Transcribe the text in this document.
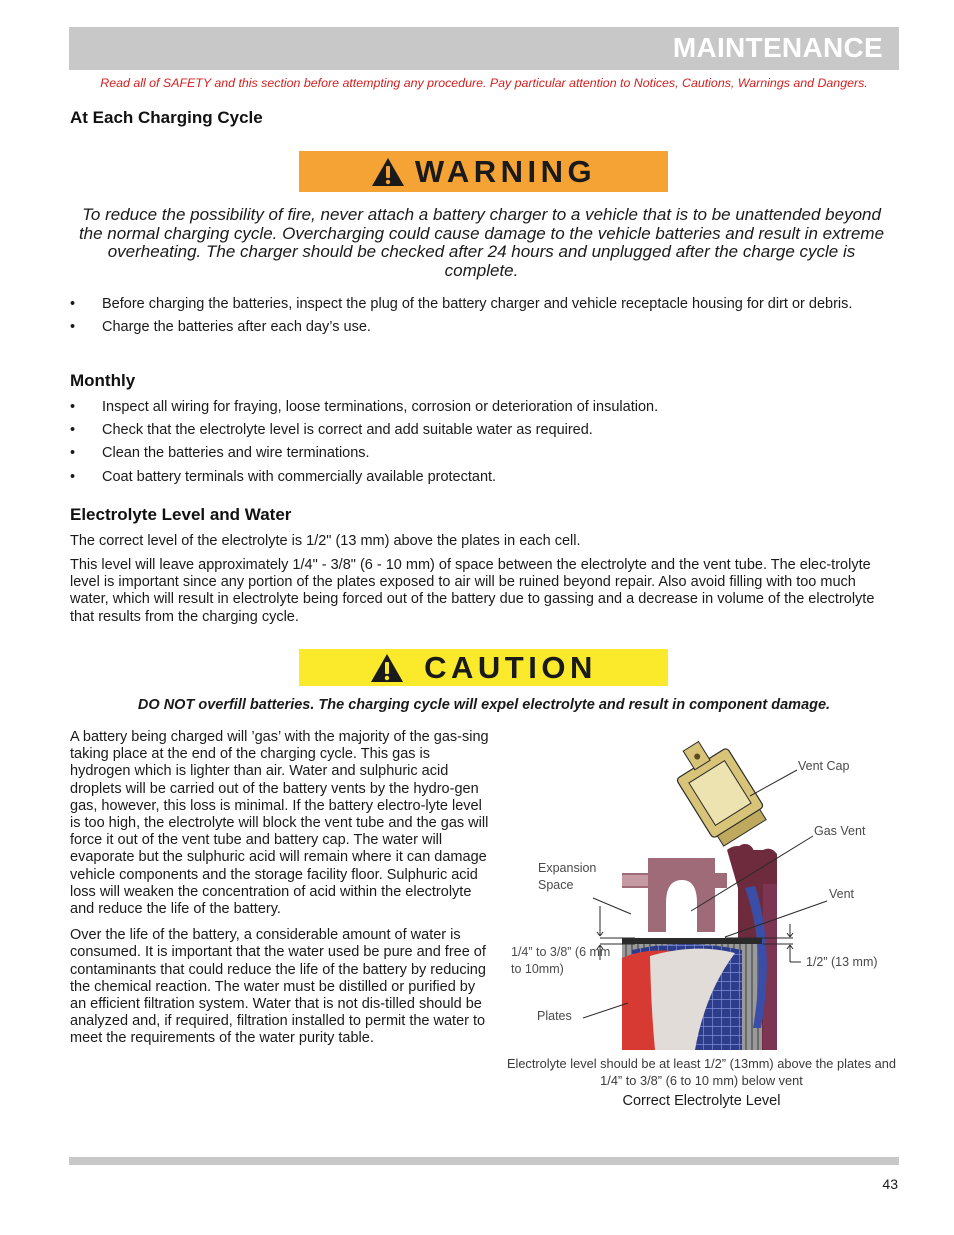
MAINTENANCE
Read all of SAFETY and this section before attempting any procedure. Pay particular attention to Notices, Cautions, Warnings and Dangers.
At Each Charging Cycle
WARNING
To reduce the possibility of fire, never attach a battery charger to a vehicle that is to be unattended beyond the normal charging cycle. Overcharging could cause damage to the vehicle batteries and result in extreme overheating. The charger should be checked after 24 hours and unplugged after the charge cycle is complete.
• Before charging the batteries, inspect the plug of the battery charger and vehicle receptacle housing for dirt or debris.
• Charge the batteries after each day’s use.
Monthly
• Inspect all wiring for fraying, loose terminations, corrosion or deterioration of insulation.
• Check that the electrolyte level is correct and add suitable water as required.
• Clean the batteries and wire terminations.
• Coat battery terminals with commercially available protectant.
Electrolyte Level and Water
The correct level of the electrolyte is 1/2" (13 mm) above the plates in each cell.
This level will leave approximately 1/4" - 3/8" (6 - 10 mm) of space between the electrolyte and the vent tube. The elec-trolyte level is important since any portion of the plates exposed to air will be ruined beyond repair. Also avoid filling with too much water, which will result in electrolyte being forced out of the battery due to gassing and a decrease in volume of the electrolyte that results from the charging cycle.
CAUTION
DO NOT overfill batteries. The charging cycle will expel electrolyte and result in component damage.

A battery being charged will ’gas’ with the majority of the gas-sing taking place at the end of the charging cycle. This gas is hydrogen which is lighter than air. Water and sulphuric acid droplets will be carried out of the battery vents by the hydro-gen gas, however, this loss is minimal. If the battery electro-lyte level is too high, the electrolyte will block the vent tube and the gas will force it out of the vent tube and battery cap. The water will evaporate but the sulphuric acid will remain where it can damage vehicle components and the storage facility floor. Sulphuric acid loss will weaken the concentration of acid within the electrolyte and reduce the life of the battery.

Over the life of the battery, a considerable amount of water is consumed. It is important that the water used be pure and free of contaminants that could reduce the life of the battery by reducing the chemical reaction. The water must be distilled or purified by an efficient filtration system. Water that is not dis-tilled should be analyzed and, if required, filtration installed to permit the water to meet the requirements of the water purity table.

Vent Cap
Gas Vent
Expansion Space
Vent
1/4” to 3/8” (6 mm to 10mm)	1/2” (13 mm)
Plates
Electrolyte level should be at least 1/2” (13mm) above the plates and 1/4” to 3/8” (6 to 10 mm) below vent
Correct Electrolyte Level
43
